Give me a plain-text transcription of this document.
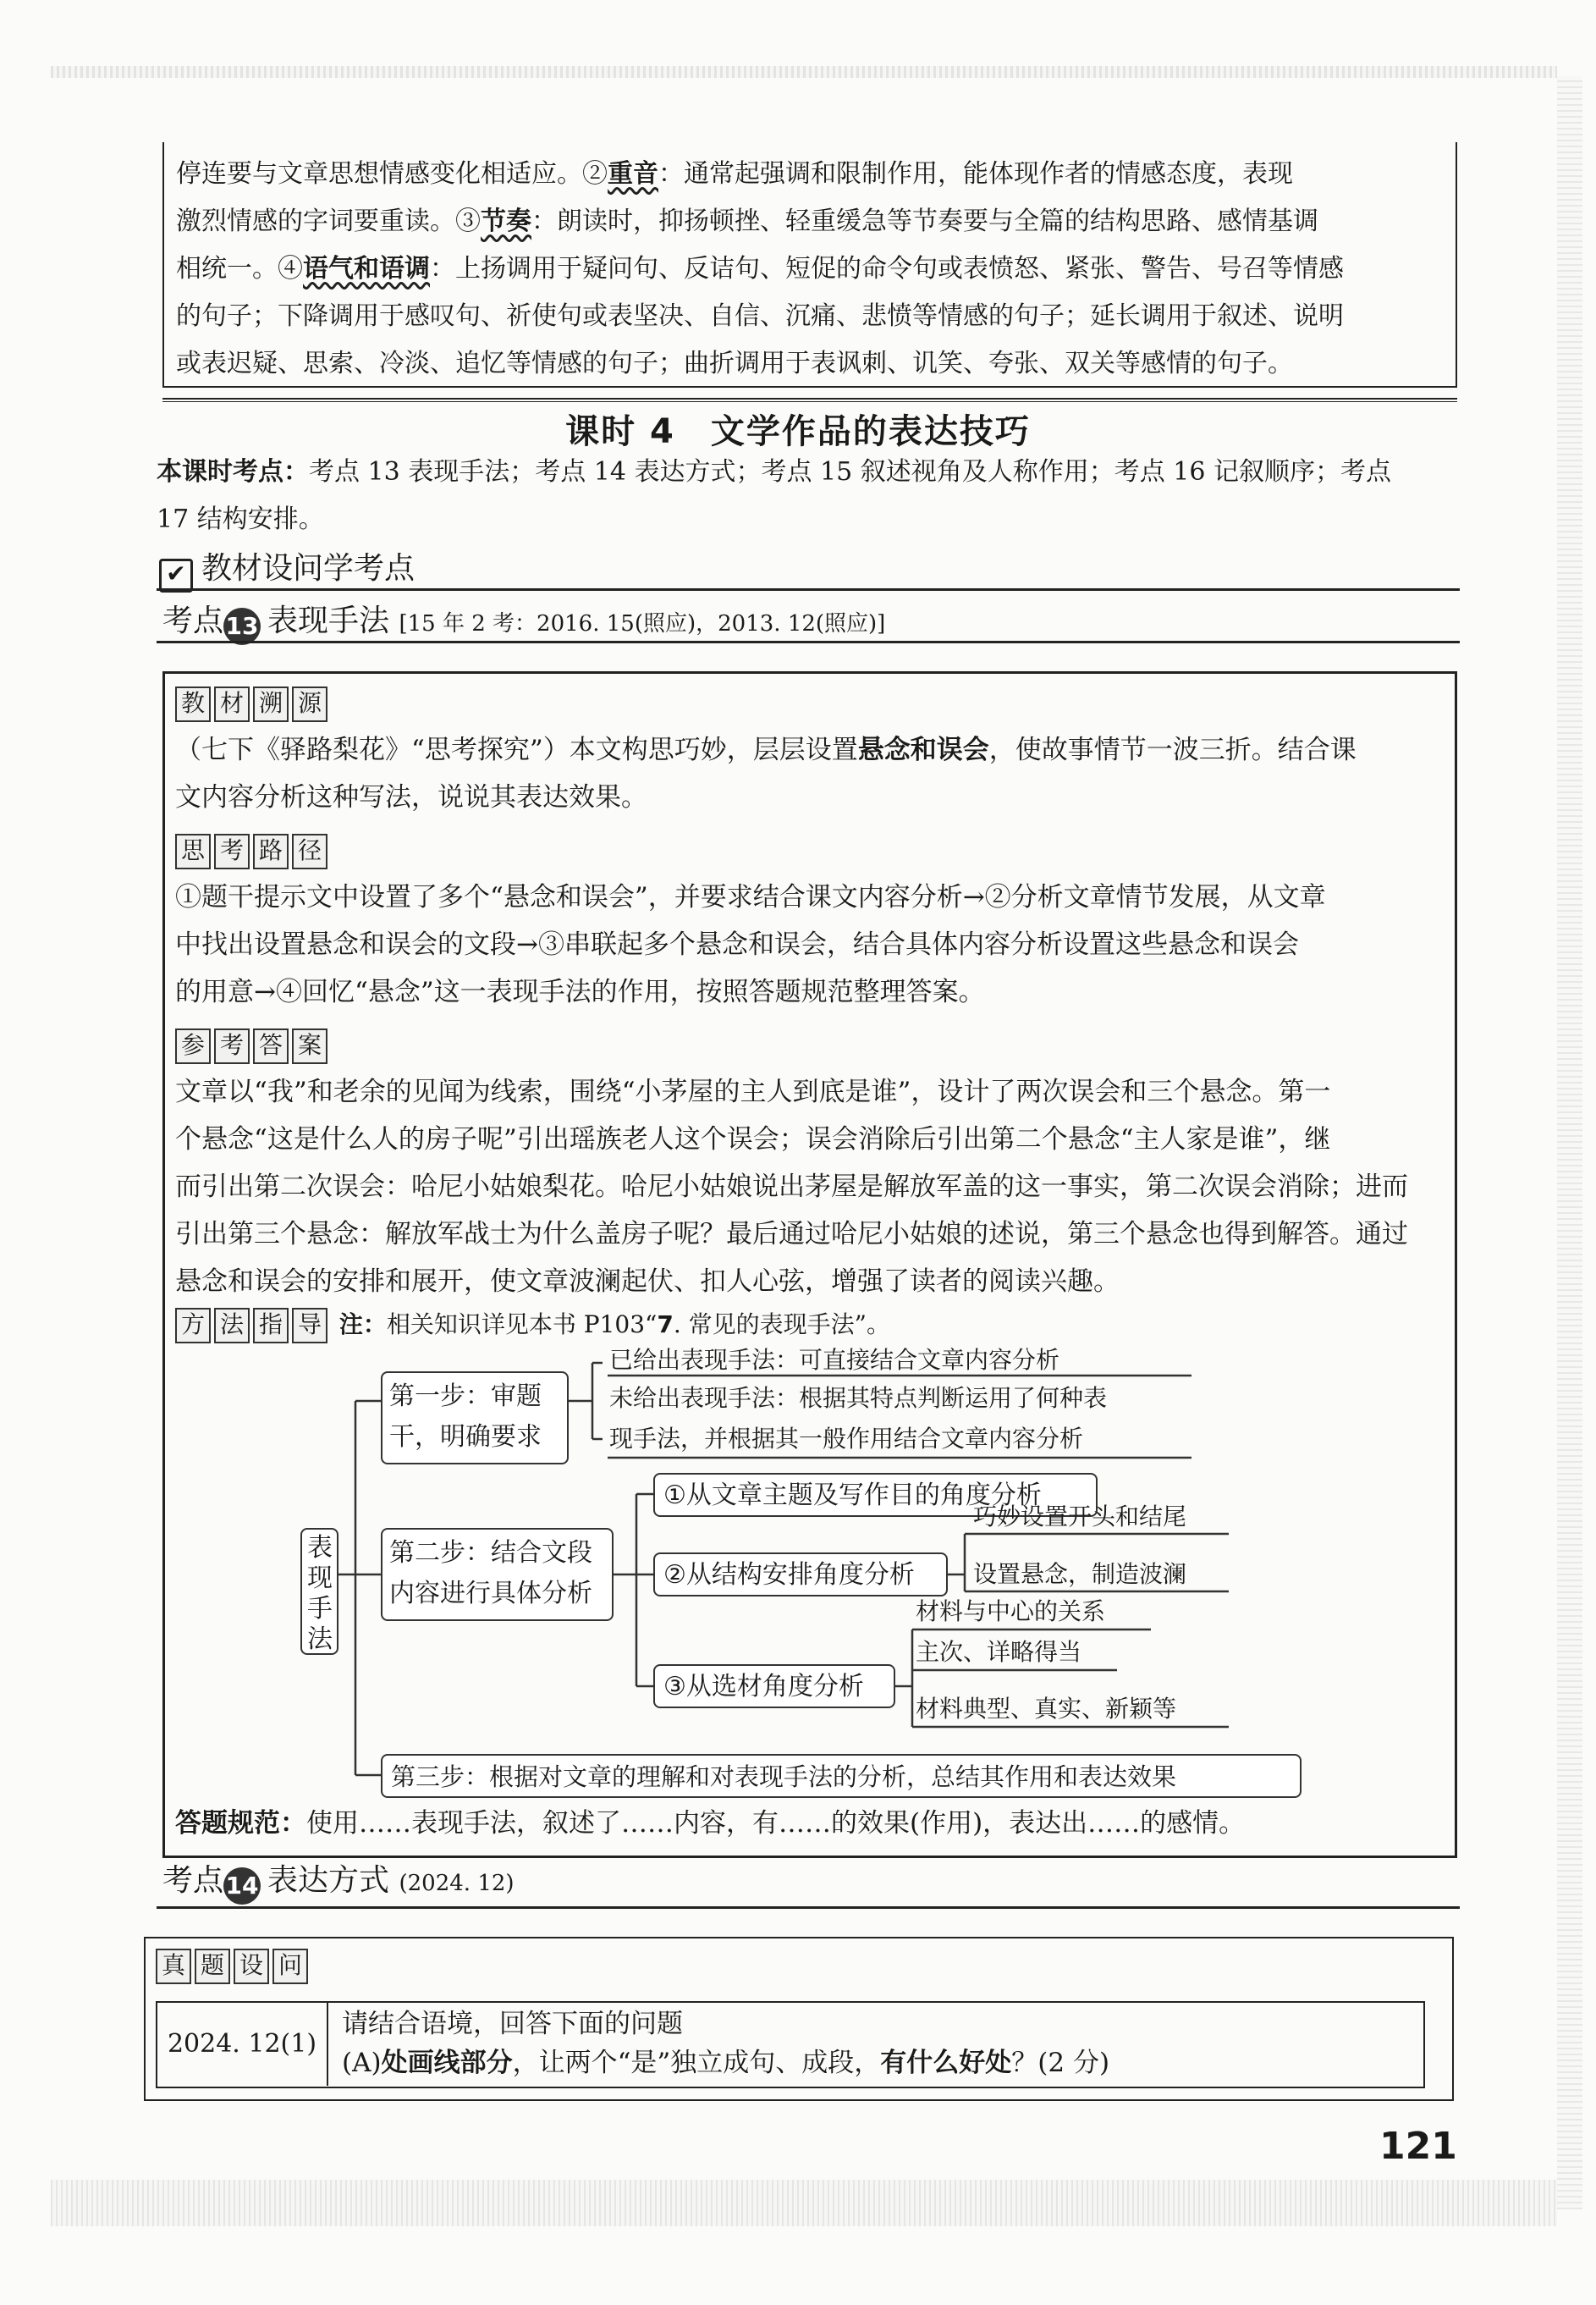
停连要与文章思想情感变化相适应。②重音：通常起强调和限制作用，能体现作者的情感态度，表现

激烈情感的字词要重读。③节奏：朗读时，抑扬顿挫、轻重缓急等节奏要与全篇的结构思路、感情基调

相统一。④语气和语调：上扬调用于疑问句、反诘句、短促的命令句或表愤怒、紧张、警告、号召等情感

的句子；下降调用于感叹句、祈使句或表坚决、自信、沉痛、悲愤等情感的句子；延长调用于叙述、说明

或表迟疑、思索、冷淡、追忆等情感的句子；曲折调用于表讽刺、讥笑、夸张、双关等感情的句子。

课时 4　文学作品的表达技巧
本课时考点：考点 13 表现手法；考点 14 表达方式；考点 15 叙述视角及人称作用；考点 16 记叙顺序；考点
17 结构安排。
✔ 教材设问学考点
考点13 表现手法 [15 年 2 考：2016. 15(照应)，2013. 12(照应)]
教 材 溯 源

（七下《驿路梨花》“思考探究”）本文构思巧妙，层层设置悬念和误会，使故事情节一波三折。结合课

文内容分析这种写法，说说其表达效果。

思 考 路 径

①题干提示文中设置了多个“悬念和误会”，并要求结合课文内容分析→②分析文章情节发展，从文章

中找出设置悬念和误会的文段→③串联起多个悬念和误会，结合具体内容分析设置这些悬念和误会

的用意→④回忆“悬念”这一表现手法的作用，按照答题规范整理答案。

参 考 答 案

文章以“我”和老余的见闻为线索，围绕“小茅屋的主人到底是谁”，设计了两次误会和三个悬念。第一

个悬念“这是什么人的房子呢”引出瑶族老人这个误会；误会消除后引出第二个悬念“主人家是谁”，继

而引出第二次误会：哈尼小姑娘梨花。哈尼小姑娘说出茅屋是解放军盖的这一事实，第二次误会消除；进而

引出第三个悬念：解放军战士为什么盖房子呢？最后通过哈尼小姑娘的述说，第三个悬念也得到解答。通过

悬念和误会的安排和展开，使文章波澜起伏、扣人心弦，增强了读者的阅读兴趣。

方 法 指 导 注：相关知识详见本书 P103“7. 常见的表现手法”。

答题规范：使用……表现手法，叙述了……内容，有……的效果(作用)，表达出……的感情。

表现手法
第一步：审题干，明确要求
已给出表现手法：可直接结合文章内容分析
未给出表现手法：根据其特点判断运用了何种表
现手法，并根据其一般作用结合文章内容分析
第二步：结合文段内容进行具体分析
①从文章主题及写作目的角度分析
②从结构安排角度分析
巧妙设置开头和结尾
设置悬念，制造波澜
③从选材角度分析
材料与中心的关系
主次、详略得当
材料典型、真实、新颖等
第三步：根据对文章的理解和对表现手法的分析，总结其作用和表达效果
考点14 表达方式 (2024. 12)
真 题 设 问
2024. 12(1)
请结合语境，回答下面的问题
(A)处画线部分，让两个“是”独立成句、成段，有什么好处？(2 分)
121
